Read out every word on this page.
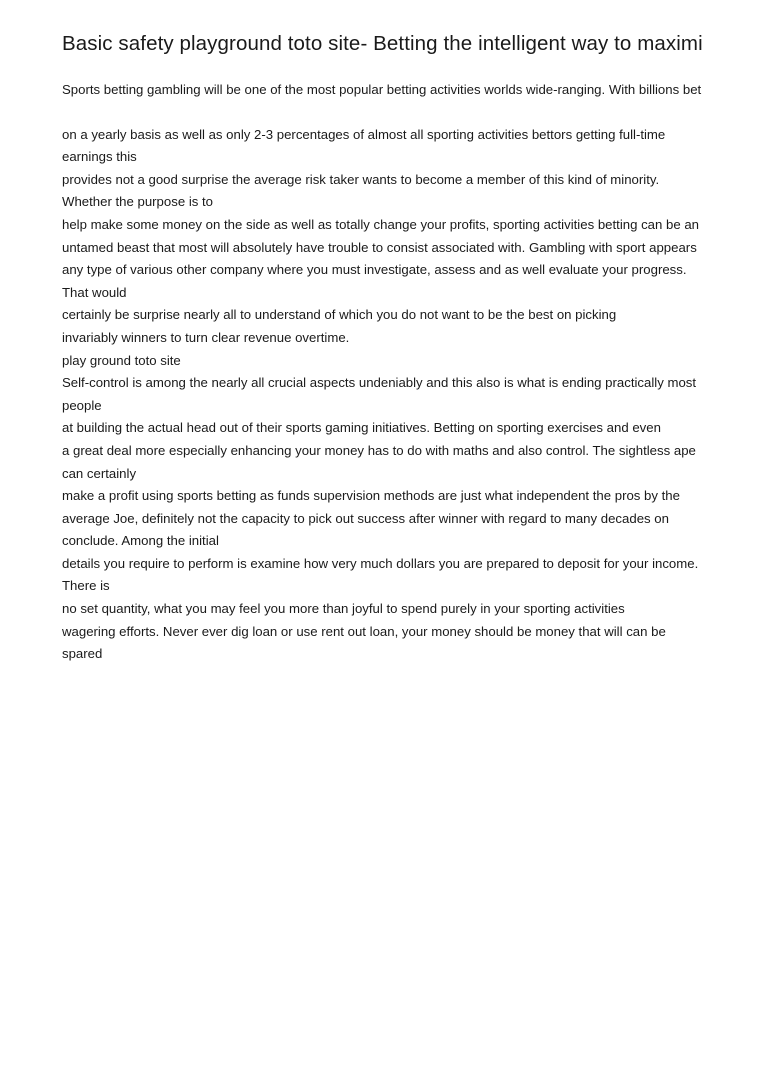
Basic safety playground toto site- Betting the intelligent way to maximi

Sports betting gambling will be one of the most popular betting activities worlds wide-ranging. With billions bet

on a yearly basis as well as only 2-3 percentages of almost all sporting activities bettors getting full-time earnings this

provides not a good surprise the average risk taker wants to become a member of this kind of minority. Whether the purpose is to

help make some money on the side as well as totally change your profits, sporting activities betting can be an

untamed beast that most will absolutely have trouble to consist associated with. Gambling with sport appears

any type of various other company where you must investigate, assess and as well evaluate your progress. That would

certainly be surprise nearly all to understand of which you do not want to be the best on picking

invariably winners to turn clear revenue overtime.

play ground toto site

Self-control is among the nearly all crucial aspects undeniably and this also is what is ending practically most people

at building the actual head out of their sports gaming initiatives. Betting on sporting exercises and even

a great deal more especially enhancing your money has to do with maths and also control. The sightless ape can certainly

make a profit using sports betting as funds supervision methods are just what independent the pros by the

average Joe, definitely not the capacity to pick out success after winner with regard to many decades on conclude. Among the initial

details you require to perform is examine how very much dollars you are prepared to deposit for your income. There is

no set quantity, what you may feel you more than joyful to spend purely in your sporting activities

wagering efforts. Never ever dig loan or use rent out loan, your money should be money that will can be

spared
